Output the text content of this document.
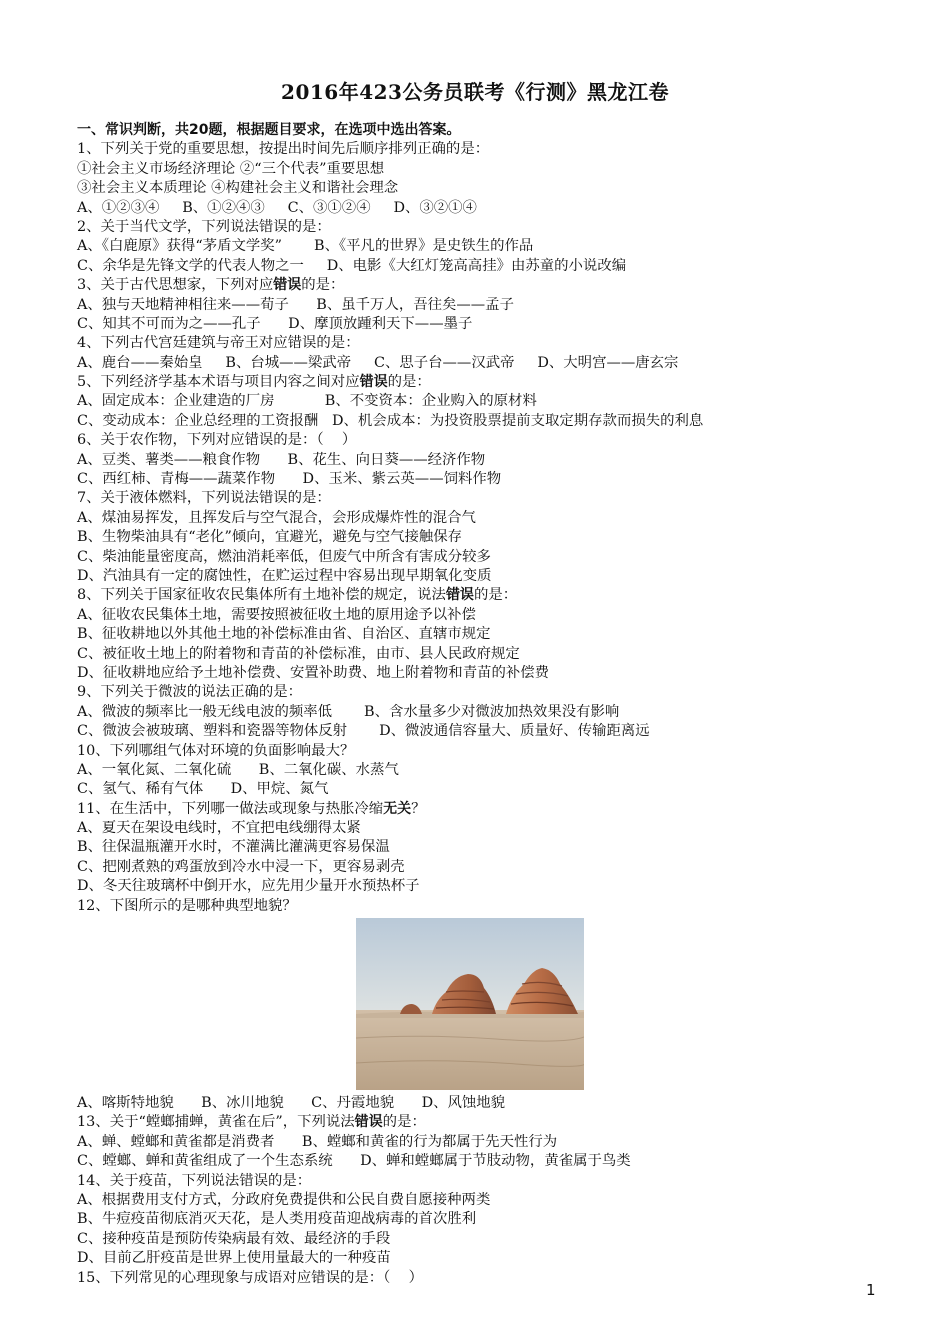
2016年423公务员联考《行测》黑龙江卷
一、常识判断，共20题，根据题目要求，在选项中选出答案。
1、下列关于党的重要思想，按提出时间先后顺序排列正确的是：
①社会主义市场经济理论 ②“三个代表”重要思想
③社会主义本质理论 ④构建社会主义和谐社会理念
A、①②③④     B、①②④③     C、③①②④     D、③②①④
2、关于当代文学，下列说法错误的是：
A、《白鹿原》获得“茅盾文学奖”       B、《平凡的世界》是史铁生的作品
C、余华是先锋文学的代表人物之一     D、电影《大红灯笼高高挂》由苏童的小说改编
3、关于古代思想家，下列对应错误的是：
A、独与天地精神相往来——荀子      B、虽千万人，吾往矣——孟子
C、知其不可而为之——孔子      D、摩顶放踵利天下——墨子
4、下列古代宫廷建筑与帝王对应错误的是：
A、鹿台——秦始皇     B、台城——梁武帝     C、思子台——汉武帝     D、大明宫——唐玄宗
5、下列经济学基本术语与项目内容之间对应错误的是：
A、固定成本：企业建造的厂房           B、不变资本：企业购入的原材料
C、变动成本：企业总经理的工资报酬   D、机会成本：为投资股票提前支取定期存款而损失的利息
6、关于农作物，下列对应错误的是：（    ）
A、豆类、薯类——粮食作物      B、花生、向日葵——经济作物
C、西红柿、青梅——蔬菜作物      D、玉米、紫云英——饲料作物
7、关于液体燃料，下列说法错误的是：
A、煤油易挥发，且挥发后与空气混合，会形成爆炸性的混合气
B、生物柴油具有“老化”倾向，宜避光，避免与空气接触保存
C、柴油能量密度高，燃油消耗率低，但废气中所含有害成分较多
D、汽油具有一定的腐蚀性，在贮运过程中容易出现早期氧化变质
8、下列关于国家征收农民集体所有土地补偿的规定，说法错误的是：
A、征收农民集体土地，需要按照被征收土地的原用途予以补偿
B、征收耕地以外其他土地的补偿标准由省、自治区、直辖市规定
C、被征收土地上的附着物和青苗的补偿标准，由市、县人民政府规定
D、征收耕地应给予土地补偿费、安置补助费、地上附着物和青苗的补偿费
9、下列关于微波的说法正确的是：
A、微波的频率比一般无线电波的频率低       B、含水量多少对微波加热效果没有影响
C、微波会被玻璃、塑料和瓷器等物体反射       D、微波通信容量大、质量好、传输距离远
10、下列哪组气体对环境的负面影响最大？
A、一氧化氮、二氧化硫      B、二氧化碳、水蒸气
C、氢气、稀有气体      D、甲烷、氮气
11、在生活中，下列哪一做法或现象与热胀冷缩无关？
A、夏天在架设电线时，不宜把电线绷得太紧
B、往保温瓶灌开水时，不灌满比灌满更容易保温
C、把刚煮熟的鸡蛋放到冷水中浸一下，更容易剥壳
D、冬天往玻璃杯中倒开水，应先用少量开水预热杯子
12、下图所示的是哪种典型地貌？
A、喀斯特地貌      B、冰川地貌      C、丹霞地貌      D、风蚀地貌
13、关于“螳螂捕蝉，黄雀在后”，下列说法错误的是：
A、蝉、螳螂和黄雀都是消费者      B、螳螂和黄雀的行为都属于先天性行为
C、螳螂、蝉和黄雀组成了一个生态系统      D、蝉和螳螂属于节肢动物，黄雀属于鸟类
14、关于疫苗，下列说法错误的是：
A、根据费用支付方式，分政府免费提供和公民自费自愿接种两类
B、牛痘疫苗彻底消灭天花，是人类用疫苗迎战病毒的首次胜利
C、接种疫苗是预防传染病最有效、最经济的手段
D、目前乙肝疫苗是世界上使用量最大的一种疫苗
15、下列常见的心理现象与成语对应错误的是：（    ）
1
